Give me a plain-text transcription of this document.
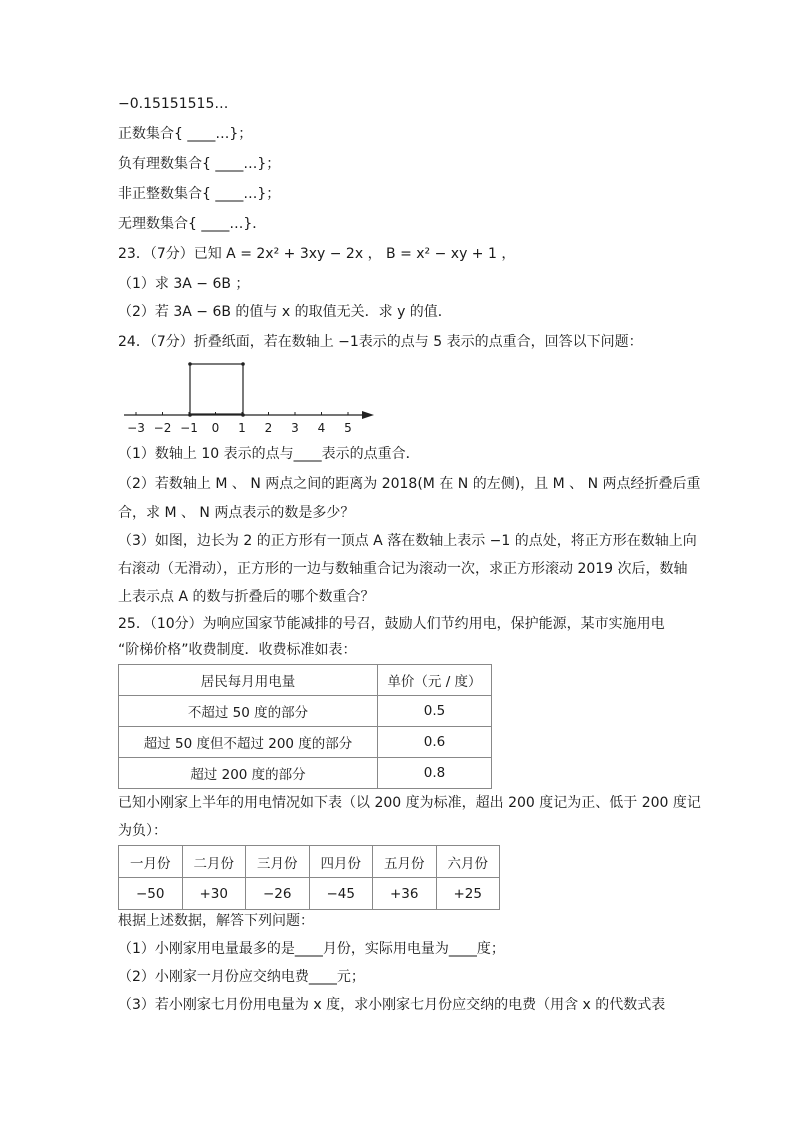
−0.15151515…
正数集合{ ____…}；
负有理数集合{ ____…}；
非正整数集合{ ____…}；
无理数集合{ ____…}．
23．（7分）已知 A = 2x² + 3xy − 2x ， B = x² − xy + 1 ，
（1）求 3A − 6B ；
（2）若 3A − 6B 的值与 x 的取值无关．求 y 的值．
24．（7分）折叠纸面，若在数轴上 −1表示的点与 5 表示的点重合，回答以下问题：
−3 −2 −1 0 1 2 3 4 5
（1）数轴上 10 表示的点与____表示的点重合．
（2）若数轴上 M 、 N 两点之间的距离为 2018(M 在 N 的左侧)，且 M 、 N 两点经折叠后重
合，求 M 、 N 两点表示的数是多少？
（3）如图，边长为 2 的正方形有一顶点 A 落在数轴上表示 −1 的点处，将正方形在数轴上向
右滚动（无滑动），正方形的一边与数轴重合记为滚动一次，求正方形滚动 2019 次后，数轴
上表示点 A 的数与折叠后的哪个数重合？
25．（10分）为响应国家节能减排的号召，鼓励人们节约用电，保护能源，某市实施用电
“阶梯价格”收费制度．收费标准如表：
居民每月用电量	单价（元 / 度）
不超过 50 度的部分	0.5
超过 50 度但不超过 200 度的部分	0.6
超过 200 度的部分	0.8
已知小刚家上半年的用电情况如下表（以 200 度为标准，超出 200 度记为正、低于 200 度记
为负）：
一月份	二月份	三月份	四月份	五月份	六月份
−50	+30	−26	−45	+36	+25
根据上述数据，解答下列问题：
（1）小刚家用电量最多的是____月份，实际用电量为____度；
（2）小刚家一月份应交纳电费____元；
（3）若小刚家七月份用电量为 x 度，求小刚家七月份应交纳的电费（用含 x 的代数式表
